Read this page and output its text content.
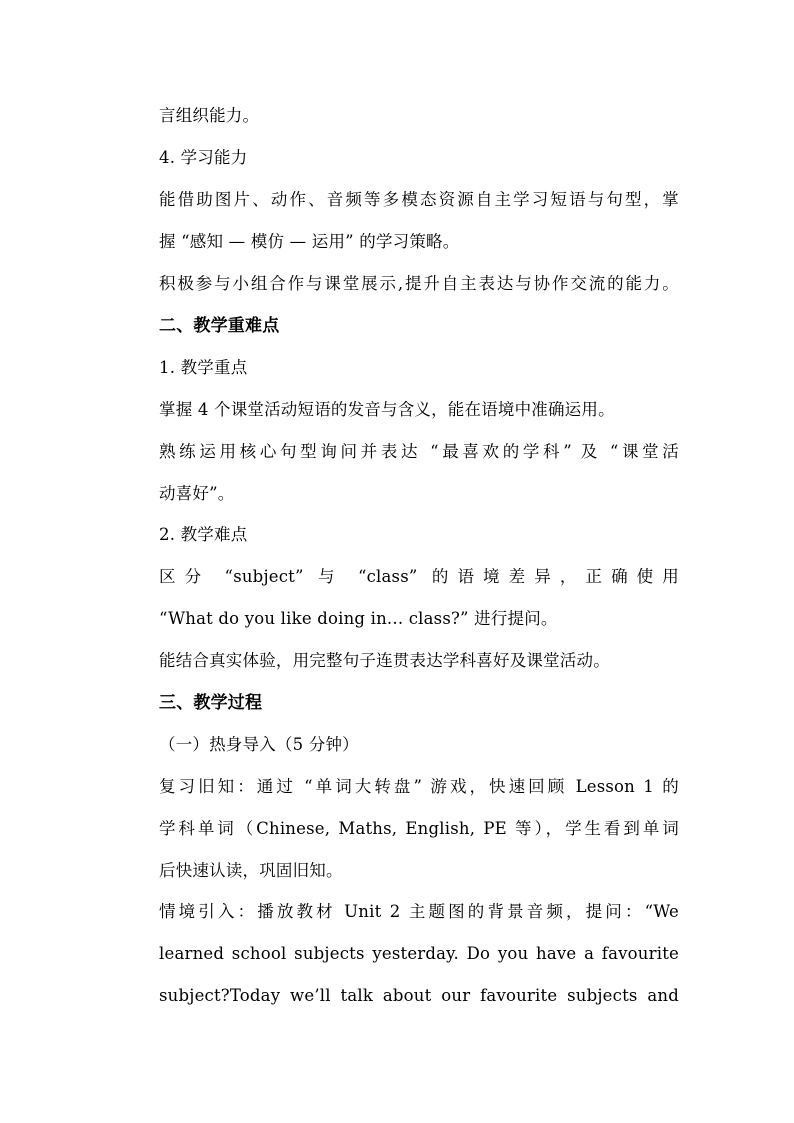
言组织能力。
4. 学习能力
能借助图片、动作、音频等多模态资源自主学习短语与句型，掌
握 “感知 — 模仿 — 运用” 的学习策略。
积极参与小组合作与课堂展示,提升自主表达与协作交流的能力。
二、教学重难点
1. 教学重点
掌握 4 个课堂活动短语的发音与含义，能在语境中准确运用。
熟练运用核心句型询问并表达 “最喜欢的学科” 及 “课堂活
动喜好”。
2. 教学难点
区分 “subject” 与 “class” 的语境差异，正确使用
“What do you like doing in... class?” 进行提问。
能结合真实体验，用完整句子连贯表达学科喜好及课堂活动。
三、教学过程
（一）热身导入（5 分钟）
复习旧知：通过 “单词大转盘” 游戏，快速回顾 Lesson 1 的
学科单词（Chinese, Maths, English, PE 等），学生看到单词
后快速认读，巩固旧知。
情境引入：播放教材 Unit 2 主题图的背景音频，提问：“We
learned school subjects yesterday. Do you have a favourite
subject?Today we’ll talk about our favourite subjects and
